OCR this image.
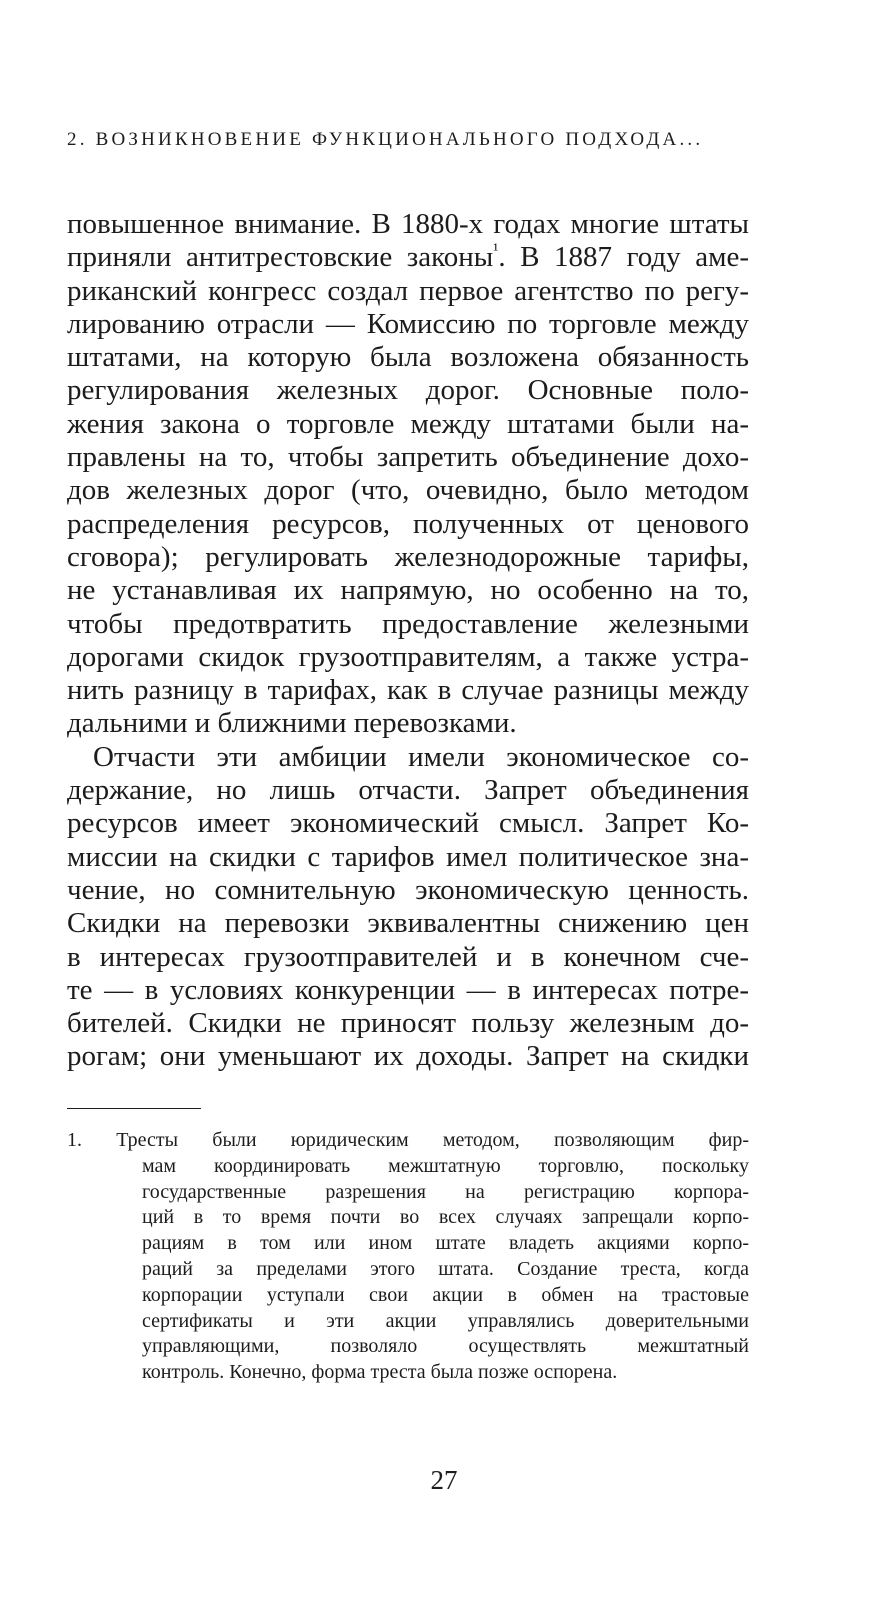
2. ВОЗНИКНОВЕНИЕ ФУНКЦИОНАЛЬНОГО ПОДХОДА...
повышенное внимание. В 1880-х годах многие штаты
приняли антитрестовские законы$^{^1}$. В 1887 году аме-
риканский конгресс создал первое агентство по регу-
лированию отрасли — Комиссию по торговле между
штатами, на которую была возложена обязанность
регулирования железных дорог. Основные поло-
жения закона о торговле между штатами были на-
правлены на то, чтобы запретить объединение дохо-
дов железных дорог (что, очевидно, было методом
распределения ресурсов, полученных от ценового
сговора); регулировать железнодорожные тарифы,
не устанавливая их напрямую, но особенно на то,
чтобы предотвратить предоставление железными
дорогами скидок грузоотправителям, а также устра-
нить разницу в тарифах, как в случае разницы между
дальними и ближними перевозками.
Отчасти эти амбиции имели экономическое со-
держание, но лишь отчасти. Запрет объединения
ресурсов имеет экономический смысл. Запрет Ко-
миссии на скидки с тарифов имел политическое зна-
чение, но сомнительную экономическую ценность.
Скидки на перевозки эквивалентны снижению цен
в интересах грузоотправителей и в конечном сче-
те — в условиях конкуренции — в интересах потре-
бителей. Скидки не приносят пользу железным до-
рогам; они уменьшают их доходы. Запрет на скидки
1. Тресты были юридическим методом, позволяющим фир-
мам координировать межштатную торговлю, поскольку
государственные разрешения на регистрацию корпора-
ций в то время почти во всех случаях запрещали корпо-
рациям в том или ином штате владеть акциями корпо-
раций за пределами этого штата. Создание треста, когда
корпорации уступали свои акции в обмен на трастовые
сертификаты и эти акции управлялись доверительными
управляющими, позволяло осуществлять межштатный
контроль. Конечно, форма треста была позже оспорена.
27
